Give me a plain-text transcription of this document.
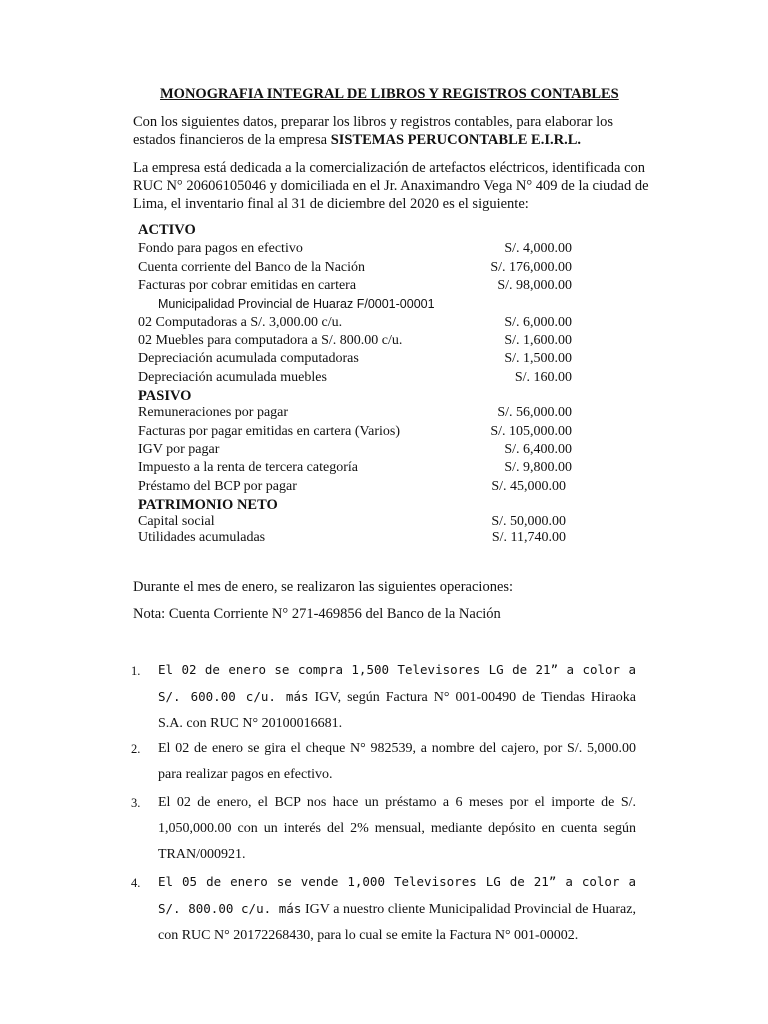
MONOGRAFIA INTEGRAL DE LIBROS Y REGISTROS CONTABLES
Con los siguientes datos, preparar los libros y registros contables, para elaborar los
estados financieros de la empresa SISTEMAS PERUCONTABLE E.I.R.L.
La empresa está dedicada a la comercialización de artefactos eléctricos, identificada con
RUC N° 20606105046 y domiciliada en el Jr. Anaximandro Vega N° 409 de la ciudad de
Lima, el inventario final al 31 de diciembre del 2020 es el siguiente:
ACTIVO
Fondo para pagos en efectivo	S/. 4,000.00
Cuenta corriente del Banco de la Nación	S/. 176,000.00
Facturas por cobrar emitidas en cartera	S/. 98,000.00
Municipalidad Provincial de Huaraz F/0001-00001
02 Computadoras a S/. 3,000.00 c/u.	S/. 6,000.00
02 Muebles para computadora a S/. 800.00 c/u.	S/. 1,600.00
Depreciación acumulada computadoras	S/. 1,500.00
Depreciación acumulada muebles	S/. 160.00
PASIVO
Remuneraciones por pagar	S/. 56,000.00
Facturas por pagar emitidas en cartera (Varios)	S/. 105,000.00
IGV por pagar	S/. 6,400.00
Impuesto a la renta de tercera categoría	S/. 9,800.00
Préstamo del BCP por pagar	S/. 45,000.00
PATRIMONIO NETO
Capital social	S/. 50,000.00
Utilidades acumuladas	S/. 11,740.00
Durante el mes de enero, se realizaron las siguientes operaciones:
Nota: Cuenta Corriente N° 271-469856 del Banco de la Nación
1. El 02 de enero se compra 1,500 Televisores LG de 21” a color a S/. 600.00 c/u. más IGV, según Factura N° 001-00490 de Tiendas Hiraoka S.A. con RUC N° 20100016681.
2. El 02 de enero se gira el cheque N° 982539, a nombre del cajero, por S/. 5,000.00 para realizar pagos en efectivo.
3. El 02 de enero, el BCP nos hace un préstamo a 6 meses por el importe de S/. 1,050,000.00 con un interés del 2% mensual, mediante depósito en cuenta según TRAN/000921.
4. El 05 de enero se vende 1,000 Televisores LG de 21” a color a S/. 800.00 c/u. más IGV a nuestro cliente Municipalidad Provincial de Huaraz, con RUC N° 20172268430, para lo cual se emite la Factura N° 001-00002.
